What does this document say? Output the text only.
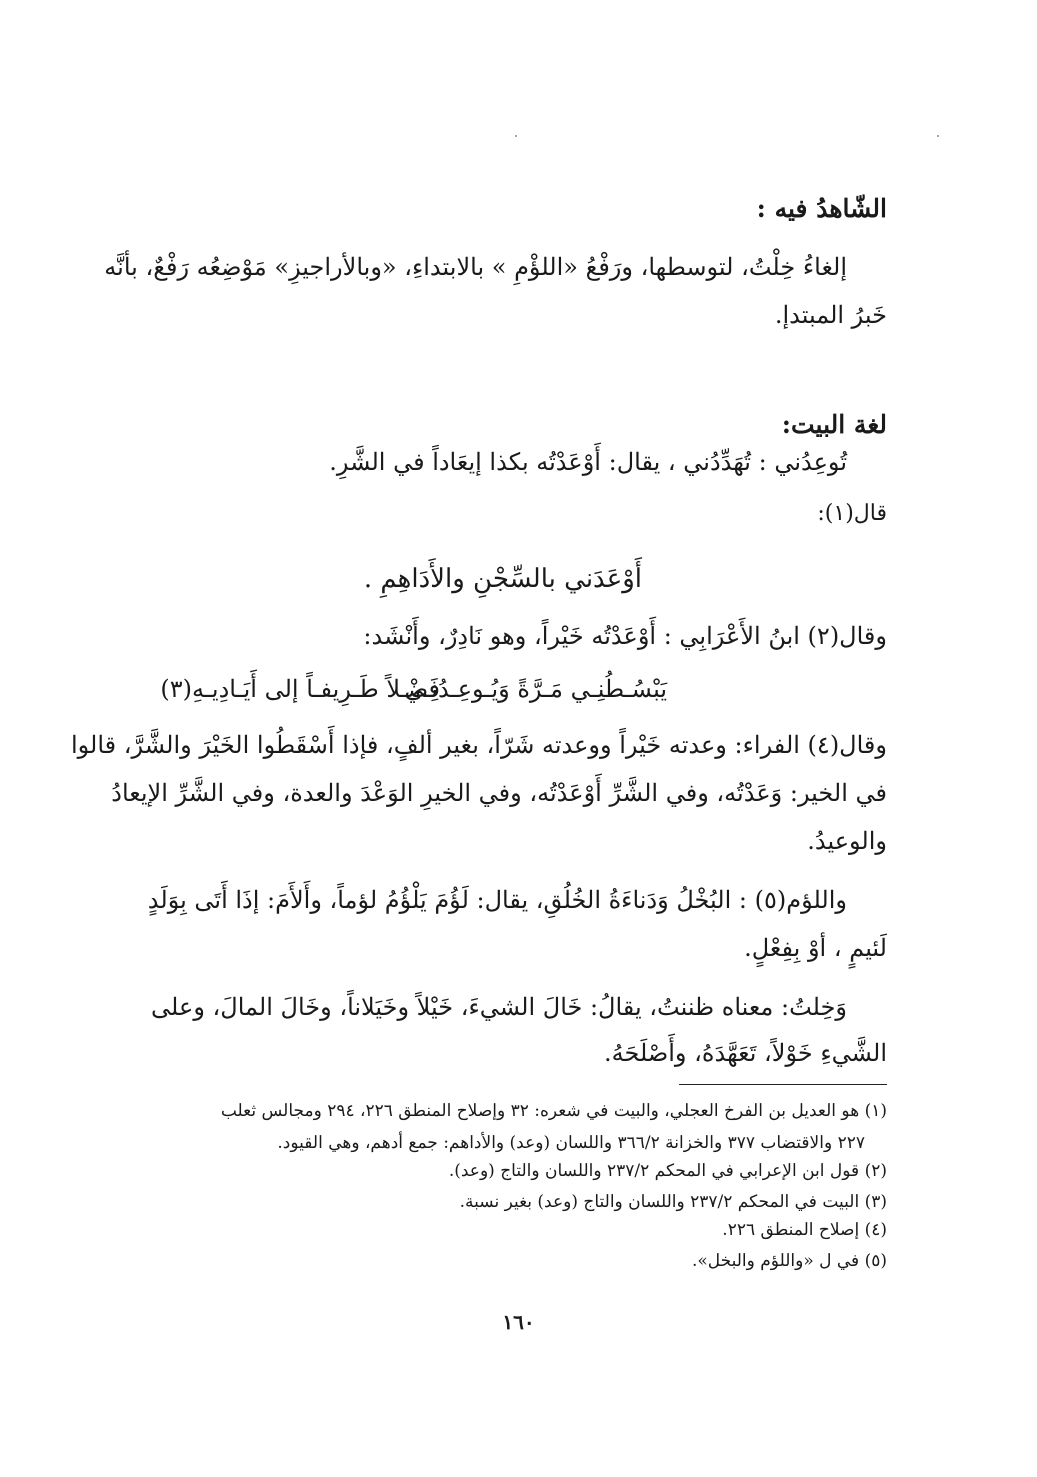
الشّاهدُ فيه :
إلغاءُ خِلْتُ، لتوسطها، ورَفْعُ «اللؤْمِ » بالابتداءِ، «وبالأراجيزِ» مَوْضِعُه رَفْعٌ، بأنَّه
خَبرُ المبتدإ.
لغة البيت:
تُوعِدُني : تُهَدِّدُني ، يقال: أَوْعَدْتُه بكذا إيعَاداً في الشَّرِ.
قال(١):
أَوْعَدَني بالسِّجْنِ والأَدَاهِمِ .
وقال(٢) ابنُ الأَعْرَابِي : أَوْعَدْتُه خَيْراً، وهو نَادِرٌ، وأَنْشَد:
يَبْسُـطُنِـي مَـرَّةً وَيُـوعِـدُنِـي
فَضْـلاً طَـرِيفـاً إلى أَيَـادِيـهِ(٣)
وقال(٤) الفراء: وعدته خَيْراً ووعدته شَرّاً، بغير ألفٍ، فإذا أَسْقَطُوا الخَيْرَ والشَّرَّ، قالوا
في الخير: وَعَدْتُه، وفي الشَّرِّ أَوْعَدْتُه، وفي الخيرِ الوَعْدَ والعدة، وفي الشَّرِّ الإيعادُ
والوعيدُ.
واللؤم(٥) : البُخْلُ وَدَناءَةُ الخُلُقِ، يقال: لَؤُمَ يَلْؤُمُ لؤماً، وأَلأَمَ: إذَا أَتَى بِوَلَدٍ
لَئيمٍ ، أوْ بِفِعْلٍ.
وَخِلتُ: معناه ظننتُ، يقالُ: خَالَ الشيءَ، خَيْلاً وخَيَلاناً، وخَالَ المالَ، وعلى
الشَّيءِ خَوْلاً، تَعَهَّدَهُ، وأَصْلَحَهُ.
(١) هو العديل بن الفرخ العجلي، والبيت في شعره: ٣٢ وإصلاح المنطق ٢٢٦، ٢٩٤ ومجالس ثعلب
٢٢٧ والاقتضاب ٣٧٧ والخزانة ٣٦٦/٢ واللسان (وعد) والأداهم: جمع أدهم، وهي القيود.
(٢) قول ابن الإعرابي في المحكم ٢٣٧/٢ واللسان والتاج (وعد).
(٣) البيت في المحكم ٢٣٧/٢ واللسان والتاج (وعد) بغير نسبة.
(٤) إصلاح المنطق ٢٢٦.
(٥) في ل «واللؤم والبخل».
١٦٠
